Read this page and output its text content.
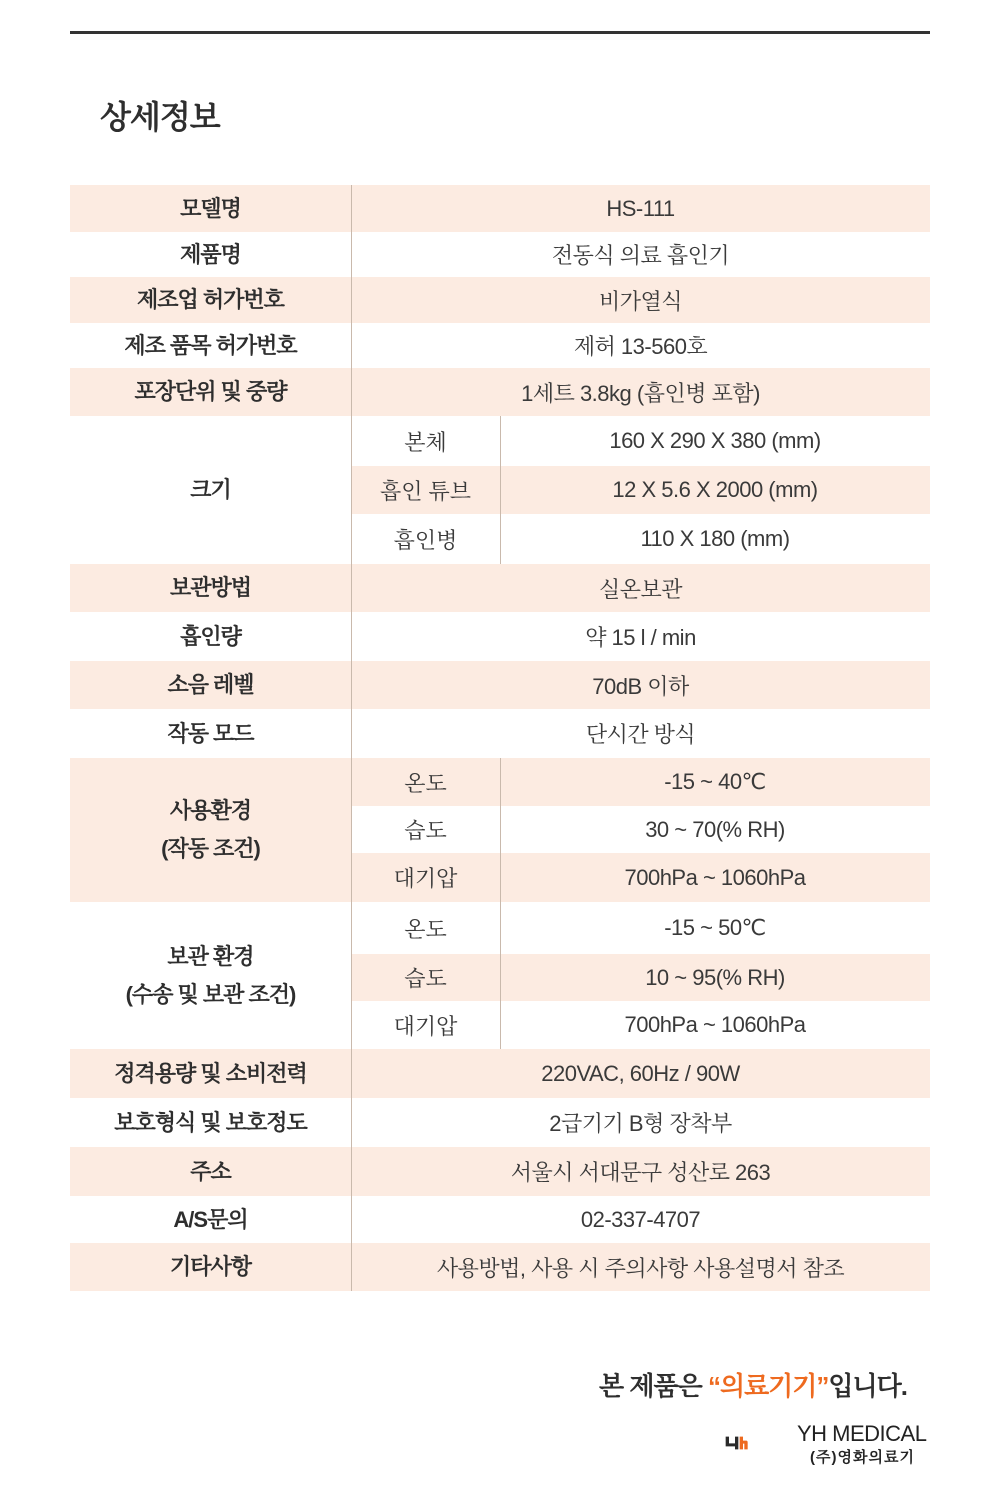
상세정보
모델명	HS-111
제품명	전동식 의료 흡인기
제조업 허가번호	비가열식
제조 품목 허가번호	제허 13-560호
포장단위 및 중량	1세트 3.8kg (흡인병 포함)
크기
본체	160 X 290 X 380 (mm)
흡인 튜브	12 X 5.6 X 2000 (mm)
흡인병	110 X 180 (mm)
보관방법	실온보관
흡인량	약 15 l / min
소음 레벨	70dB 이하
작동 모드	단시간 방식
사용환경
(작동 조건)
온도	-15 ~ 40℃
습도	30 ~ 70(% RH)
대기압	700hPa ~ 1060hPa
보관 환경
(수송 및 보관 조건)
온도	-15 ~ 50℃
습도	10 ~ 95(% RH)
대기압	700hPa ~ 1060hPa
정격용량 및 소비전력	220VAC, 60Hz / 90W
보호형식 및 보호정도	2급기기 B형 장착부
주소	서울시 서대문구 성산로 263
A/S문의	02-337-4707
기타사항	사용방법, 사용 시 주의사항 사용설명서 참조
본 제품은 “의료기기”입니다.
YH MEDICAL
(주)영화의료기
